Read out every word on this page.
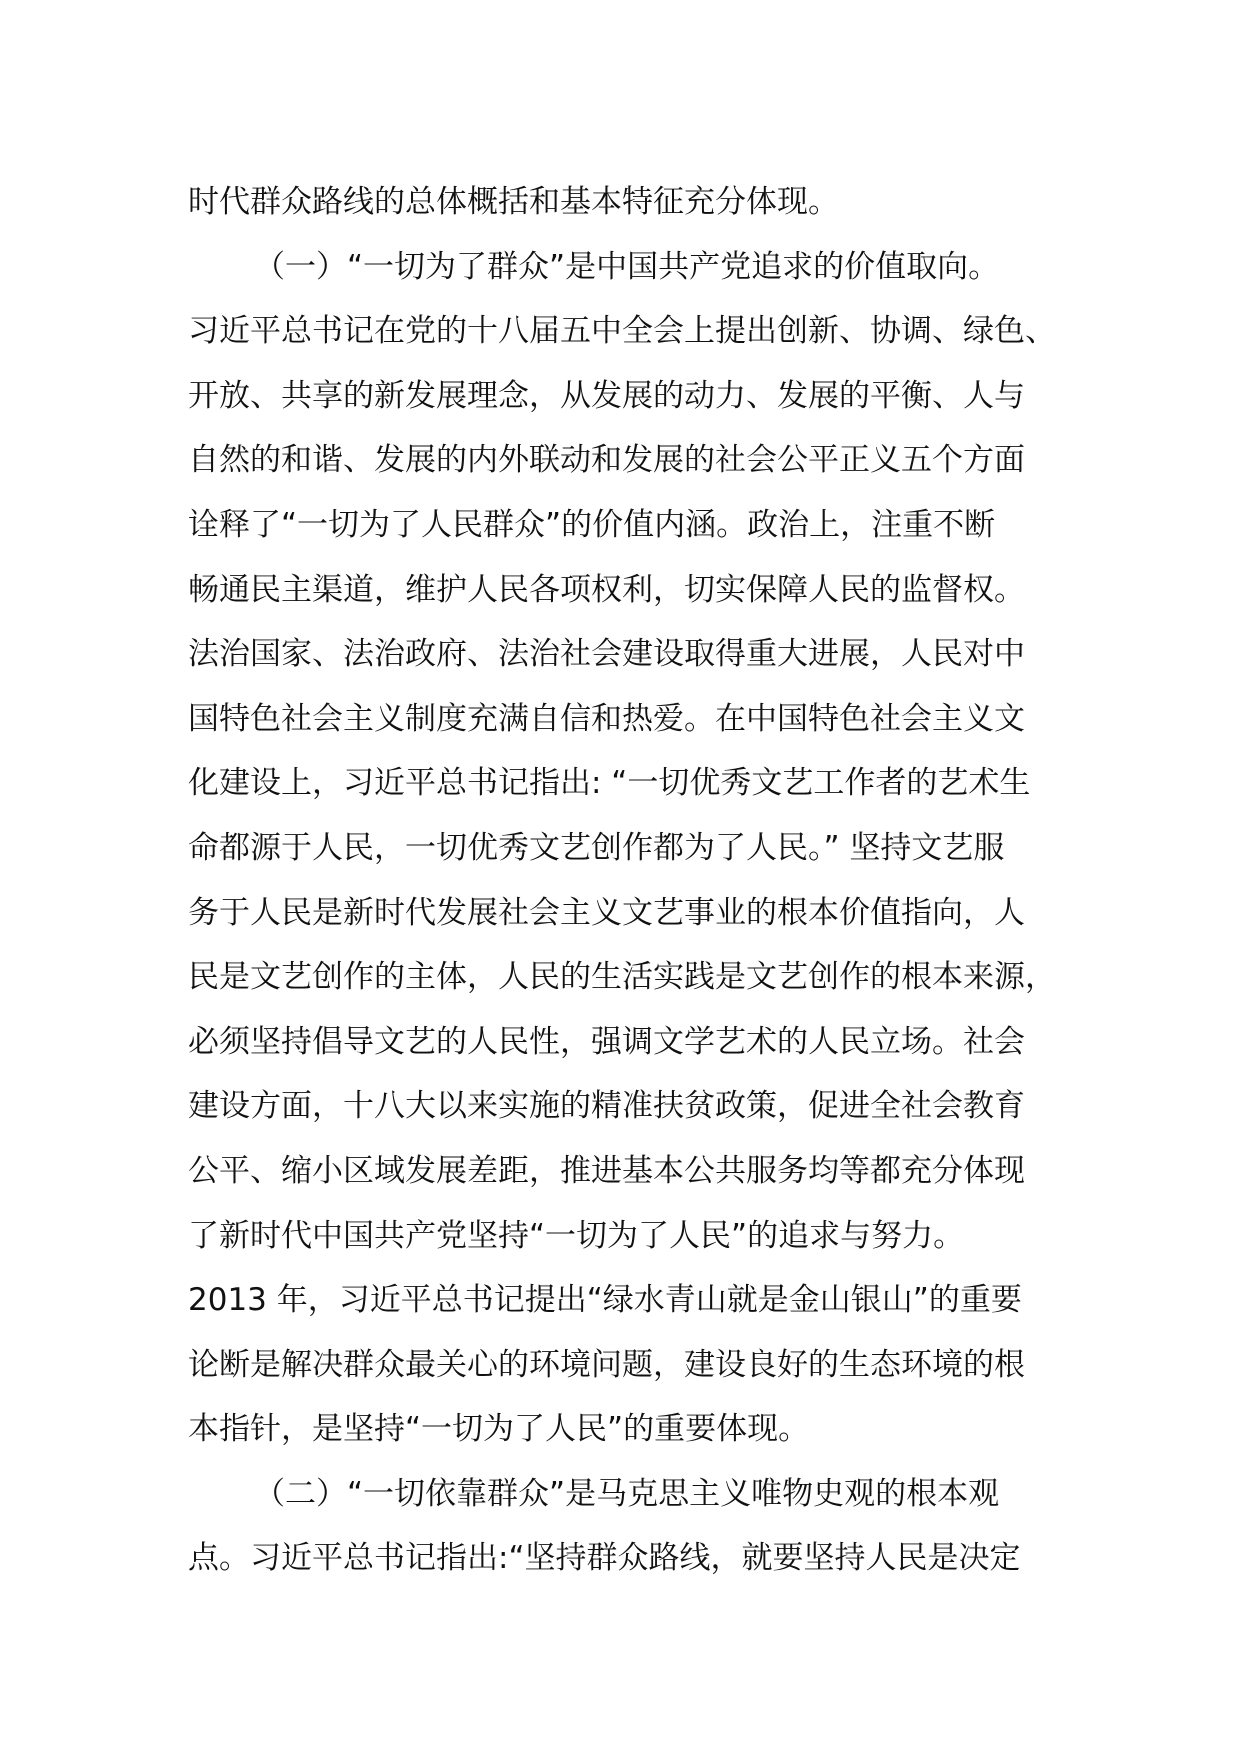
时代群众路线的总体概括和基本特征充分体现。
（一）“一切为了群众”是中国共产党追求的价值取向。
习近平总书记在党的十八届五中全会上提出创新、协调、绿色、
开放、共享的新发展理念，从发展的动力、发展的平衡、人与
自然的和谐、发展的内外联动和发展的社会公平正义五个方面
诠释了“一切为了人民群众”的价值内涵。政治上，注重不断
畅通民主渠道，维护人民各项权利，切实保障人民的监督权。
法治国家、法治政府、法治社会建设取得重大进展，人民对中
国特色社会主义制度充满自信和热爱。在中国特色社会主义文
化建设上，习近平总书记指出: “一切优秀文艺工作者的艺术生
命都源于人民，一切优秀文艺创作都为了人民。” 坚持文艺服
务于人民是新时代发展社会主义文艺事业的根本价值指向，人
民是文艺创作的主体，人民的生活实践是文艺创作的根本来源，
必须坚持倡导文艺的人民性，强调文学艺术的人民立场。社会
建设方面，十八大以来实施的精准扶贫政策，促进全社会教育
公平、缩小区域发展差距，推进基本公共服务均等都充分体现
了新时代中国共产党坚持“一切为了人民”的追求与努力。
2013 年，习近平总书记提出“绿水青山就是金山银山”的重要
论断是解决群众最关心的环境问题，建设良好的生态环境的根
本指针，是坚持“一切为了人民”的重要体现。
（二）“一切依靠群众”是马克思主义唯物史观的根本观
点。习近平总书记指出:“坚持群众路线，就要坚持人民是决定
